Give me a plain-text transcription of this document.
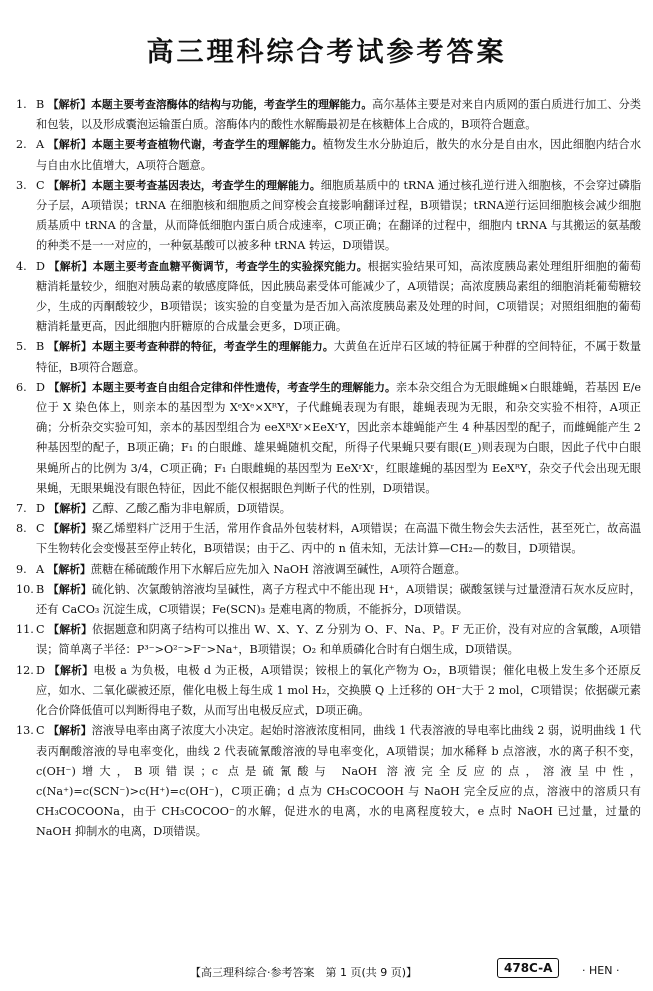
高三理科综合考试参考答案
1. B 【解析】本题主要考查溶酶体的结构与功能，考查学生的理解能力。高尔基体主要是对来自内质网的蛋白质进行加工、分类和包装，以及形成囊泡运输蛋白质。溶酶体内的酸性水解酶最初是在核糖体上合成的，B项符合题意。
2. A 【解析】本题主要考查植物代谢，考查学生的理解能力。植物发生水分胁迫后，散失的水分是自由水，因此细胞内结合水与自由水比值增大，A项符合题意。
3. C 【解析】本题主要考查基因表达，考查学生的理解能力。细胞质基质中的 tRNA 通过核孔逆行进入细胞核，不会穿过磷脂分子层，A项错误；tRNA 在细胞核和细胞质之间穿梭会直接影响翻译过程，B项错误；tRNA逆行运回细胞核会减少细胞质基质中 tRNA 的含量，从而降低细胞内蛋白质合成速率，C项正确；在翻译的过程中，细胞内 tRNA 与其搬运的氨基酸的种类不是一一对应的，一种氨基酸可以被多种 tRNA 转运，D项错误。
4. D 【解析】本题主要考查血糖平衡调节，考查学生的实验探究能力。根据实验结果可知，高浓度胰岛素处理组肝细胞的葡萄糖消耗量较少，细胞对胰岛素的敏感度降低，因此胰岛素受体可能减少了，A项错误；高浓度胰岛素组的细胞消耗葡萄糖较少，生成的丙酮酸较少，B项错误；该实验的自变量为是否加入高浓度胰岛素及处理的时间，C项错误；对照组细胞的葡萄糖消耗量更高，因此细胞内肝糖原的合成量会更多，D项正确。
5. B 【解析】本题主要考查种群的特征，考查学生的理解能力。大黄鱼在近岸石区域的特征属于种群的空间特征，不属于数量特征，B项符合题意。
6. D 【解析】本题主要考查自由组合定律和伴性遗传，考查学生的理解能力。亲本杂交组合为无眼雌蝇×白眼雄蝇，若基因 E/e 位于 X 染色体上，则亲本的基因型为 XᵉXᵉ×XᴿY，子代雌蝇表现为有眼，雄蝇表现为无眼，和杂交实验不相符，A项正确；分析杂交实验可知，亲本的基因型组合为 eeXᴿXʳ×EeXʳY，因此亲本雄蝇能产生 4 种基因型的配子，而雌蝇能产生 2 种基因型的配子，B项正确；F₁ 的白眼雌、雄果蝇随机交配，所得子代果蝇只要有眼(E_)则表现为白眼，因此子代中白眼果蝇所占的比例为 3/4，C项正确；F₁ 白眼雌蝇的基因型为 EeXʳXʳ，红眼雄蝇的基因型为 EeXᴿY，杂交子代会出现无眼果蝇，无眼果蝇没有眼色特征，因此不能仅根据眼色判断子代的性别，D项错误。
7. D 【解析】乙醇、乙酸乙酯为非电解质，D项错误。
8. C 【解析】聚乙烯塑料广泛用于生活，常用作食品外包装材料，A项错误；在高温下微生物会失去活性，甚至死亡，故高温下生物转化会变慢甚至停止转化，B项错误；由于乙、丙中的 n 值未知，无法计算—CH₂—的数目，D项错误。
9. A 【解析】蔗糖在稀硫酸作用下水解后应先加入 NaOH 溶液调至碱性，A项符合题意。
10. B 【解析】硫化钠、次氯酸钠溶液均呈碱性，离子方程式中不能出现 H⁺，A项错误；碳酸氢镁与过量澄清石灰水反应时，还有 CaCO₃ 沉淀生成，C项错误；Fe(SCN)₃ 是难电离的物质，不能拆分，D项错误。
11. C 【解析】依据题意和阴离子结构可以推出 W、X、Y、Z 分别为 O、F、Na、P。F 无正价，没有对应的含氧酸，A项错误；简单离子半径：P³⁻>O²⁻>F⁻>Na⁺，B项错误；O₂ 和单质磷化合时有白烟生成，D项错误。
12. D 【解析】电极 a 为负极，电极 d 为正极，A项错误；铵根上的氧化产物为 O₂，B项错误；催化电极上发生多个还原反应，如水、二氧化碳被还原，催化电极上每生成 1 mol H₂，交换膜 Q 上迁移的 OH⁻大于 2 mol，C项错误；依据碳元素化合价降低值可以判断得电子数，从而写出电极反应式，D项正确。
13. C 【解析】溶液导电率由离子浓度大小决定。起始时溶液浓度相同，曲线 1 代表溶液的导电率比曲线 2 弱，说明曲线 1 代表丙酮酸溶液的导电率变化，曲线 2 代表硫氰酸溶液的导电率变化，A项错误；加水稀释 b 点溶液，水的离子积不变，c(OH⁻)增大，B项错误；c 点是硫氰酸与 NaOH 溶液完全反应的点，溶液呈中性，c(Na⁺)=c(SCN⁻)>c(H⁺)=c(OH⁻)，C项正确；d 点为 CH₃COCOOH 与 NaOH 完全反应的点，溶液中的溶质只有 CH₃COCOONa，由于 CH₃COCOO⁻的水解，促进水的电离，水的电离程度较大，e 点时 NaOH 已过量，过量的 NaOH 抑制水的电离，D项错误。
【高三理科综合·参考答案　第 1 页(共 9 页)】	478C-A	· HEN ·
